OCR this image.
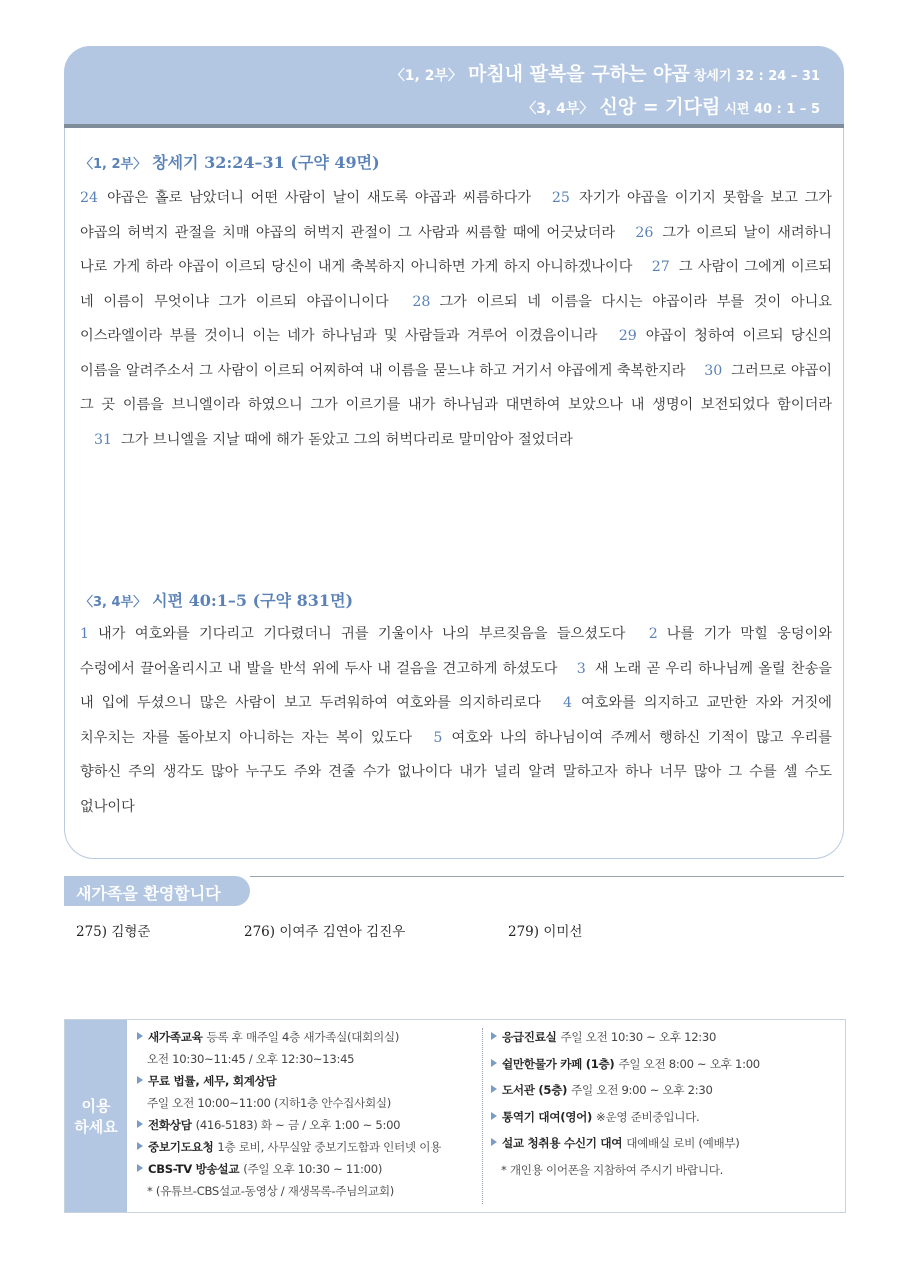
〈1, 2부〉 마침내 팔복을 구하는 야곱 창세기 32 : 24 – 31
〈3, 4부〉 신앙 = 기다림 시편 40 : 1 – 5
〈1, 2부〉 창세기 32:24–31 (구약 49면)
24 야곱은 홀로 남았더니 어떤 사람이 날이 새도록 야곱과 씨름하다가 25 자기가 야곱을 이기지 못함을 보고 그가 야곱의 허벅지 관절을 치매 야곱의 허벅지 관절이 그 사람과 씨름할 때에 어긋났더라 26 그가 이르되 날이 새려하니 나로 가게 하라 야곱이 이르되 당신이 내게 축복하지 아니하면 가게 하지 아니하겠나이다 27 그 사람이 그에게 이르되 네 이름이 무엇이냐 그가 이르되 야곱이니이다 28 그가 이르되 네 이름을 다시는 야곱이라 부를 것이 아니요 이스라엘이라 부를 것이니 이는 네가 하나님과 및 사람들과 겨루어 이겼음이니라 29 야곱이 청하여 이르되 당신의 이름을 알려주소서 그 사람이 이르되 어찌하여 내 이름을 묻느냐 하고 거기서 야곱에게 축복한지라 30 그러므로 야곱이 그 곳 이름을 브니엘이라 하였으니 그가 이르기를 내가 하나님과 대면하여 보았으나 내 생명이 보전되었다 함이더라 31 그가 브니엘을 지날 때에 해가 돋았고 그의 허벅다리로 말미암아 절었더라
〈3, 4부〉 시편 40:1–5 (구약 831면)
1 내가 여호와를 기다리고 기다렸더니 귀를 기울이사 나의 부르짖음을 들으셨도다 2 나를 기가 막힐 웅덩이와 수렁에서 끌어올리시고 내 발을 반석 위에 두사 내 걸음을 견고하게 하셨도다 3 새 노래 곧 우리 하나님께 올릴 찬송을 내 입에 두셨으니 많은 사람이 보고 두려워하여 여호와를 의지하리로다 4 여호와를 의지하고 교만한 자와 거짓에 치우치는 자를 돌아보지 아니하는 자는 복이 있도다 5 여호와 나의 하나님이여 주께서 행하신 기적이 많고 우리를 향하신 주의 생각도 많아 누구도 주와 견줄 수가 없나이다 내가 널리 알려 말하고자 하나 너무 많아 그 수를 셀 수도 없나이다
새가족을 환영합니다
275) 김형준	276) 이여주 김연아 김진우	279) 이미선
이용
하세요
새가족교육 등록 후 매주일 4층 새가족실(대회의실)
오전 10:30~11:45 / 오후 12:30~13:45
무료 법률, 세무, 회계상담
주일 오전 10:00~11:00 (지하1층 안수집사회실)
전화상담 (416-5183) 화 ~ 금 / 오후 1:00 ~ 5:00
중보기도요청 1층 로비, 사무실앞 중보기도함과 인터넷 이용
CBS-TV 방송설교 (주일 오후 10:30 ~ 11:00)
* (유튜브-CBS설교-동영상 / 재생목록-주님의교회)
응급진료실 주일 오전 10:30 ~ 오후 12:30
쉴만한물가 카페 (1층) 주일 오전 8:00 ~ 오후 1:00
도서관 (5층) 주일 오전 9:00 ~ 오후 2:30
통역기 대여(영어) ※운영 준비중입니다.
설교 청취용 수신기 대여 대예배실 로비 (예배부)
* 개인용 이어폰을 지참하여 주시기 바랍니다.
